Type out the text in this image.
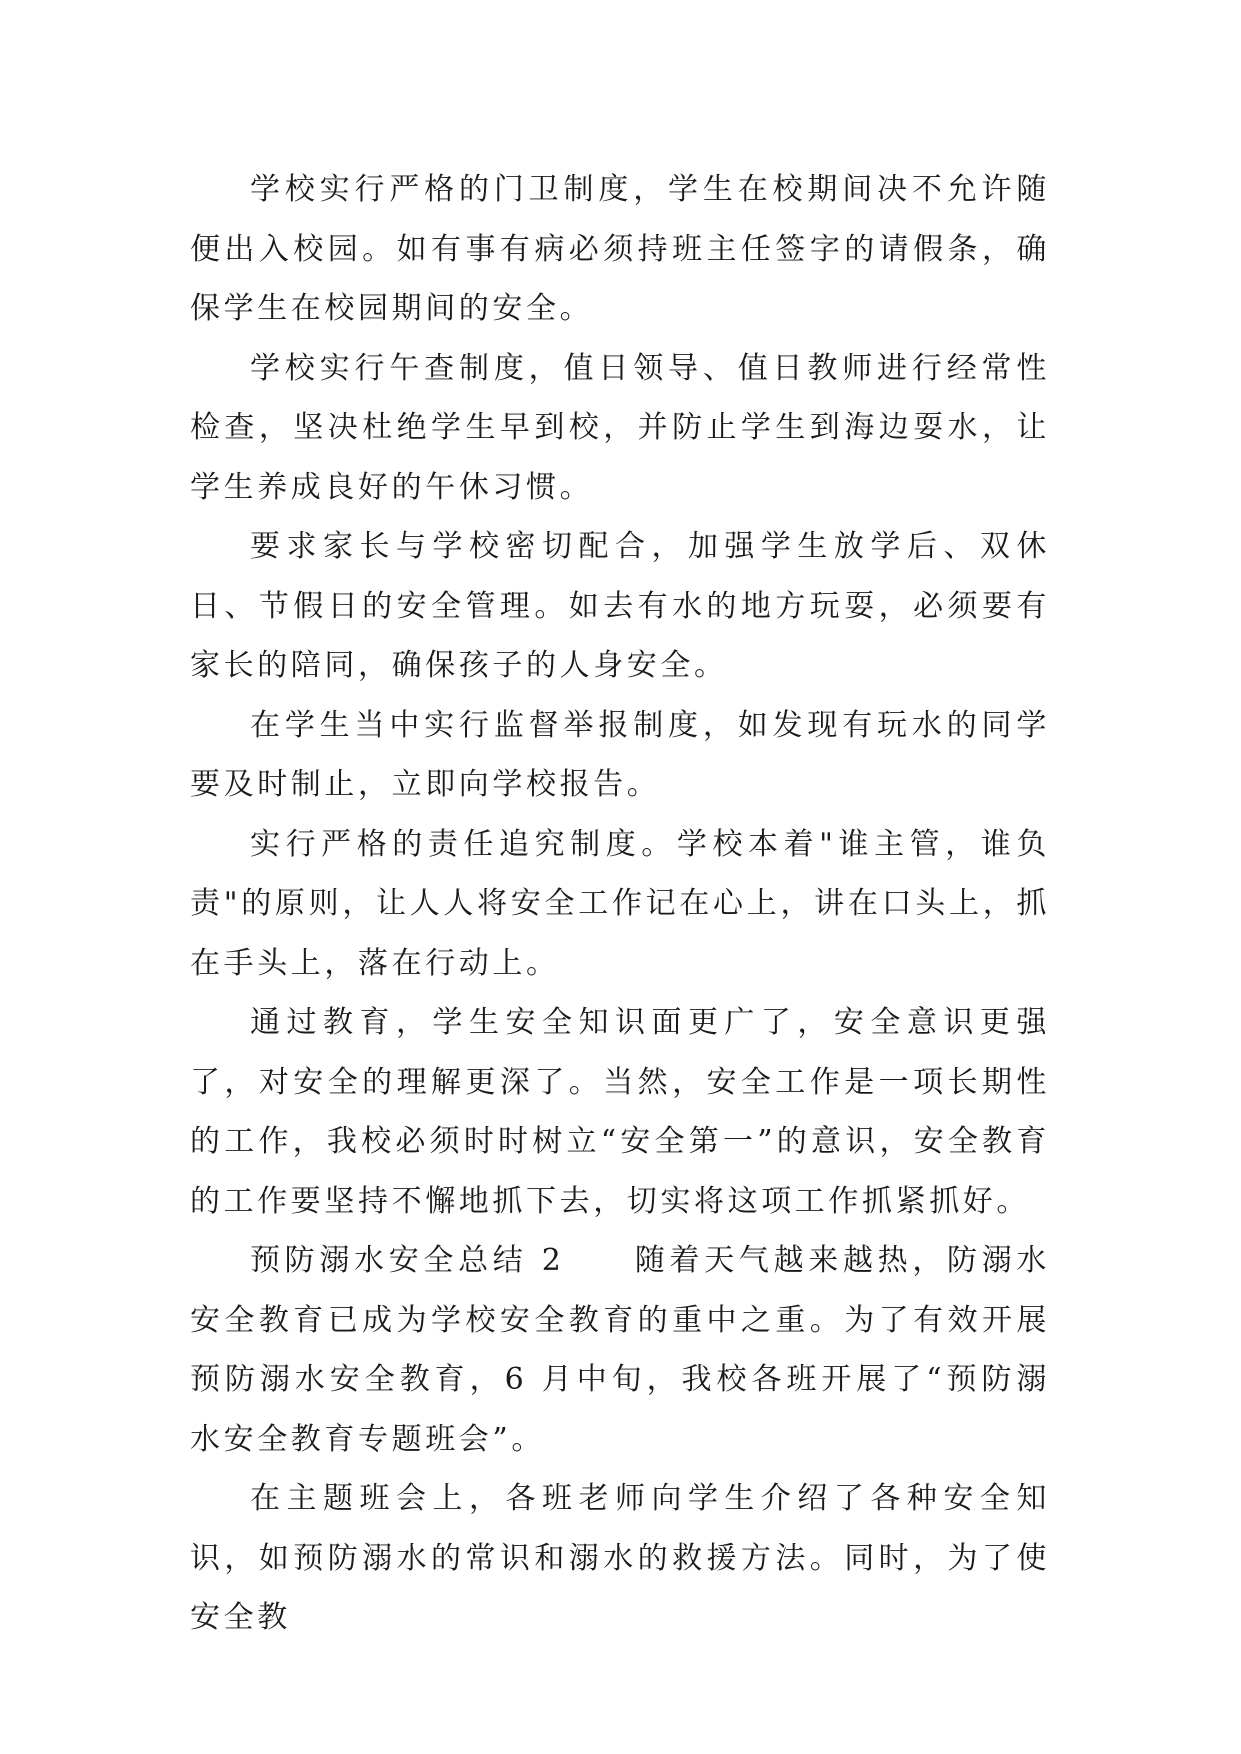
学校实行严格的门卫制度，学生在校期间决不允许随便出入校园。如有事有病必须持班主任签字的请假条，确保学生在校园期间的安全。

学校实行午查制度，值日领导、值日教师进行经常性检查，坚决杜绝学生早到校，并防止学生到海边耍水，让学生养成良好的午休习惯。

要求家长与学校密切配合，加强学生放学后、双休日、节假日的安全管理。如去有水的地方玩耍，必须要有家长的陪同，确保孩子的人身安全。

在学生当中实行监督举报制度，如发现有玩水的同学要及时制止，立即向学校报告。

实行严格的责任追究制度。学校本着"谁主管，谁负责"的原则，让人人将安全工作记在心上，讲在口头上，抓在手头上，落在行动上。

通过教育，学生安全知识面更广了，安全意识更强了，对安全的理解更深了。当然，安全工作是一项长期性的工作，我校必须时时树立“安全第一”的意识，安全教育的工作要坚持不懈地抓下去，切实将这项工作抓紧抓好。

预防溺水安全总结 2　　随着天气越来越热，防溺水安全教育已成为学校安全教育的重中之重。为了有效开展预防溺水安全教育，6 月中旬，我校各班开展了“预防溺水安全教育专题班会”。

在主题班会上，各班老师向学生介绍了各种安全知识，如预防溺水的常识和溺水的救援方法。同时，为了使安全教
